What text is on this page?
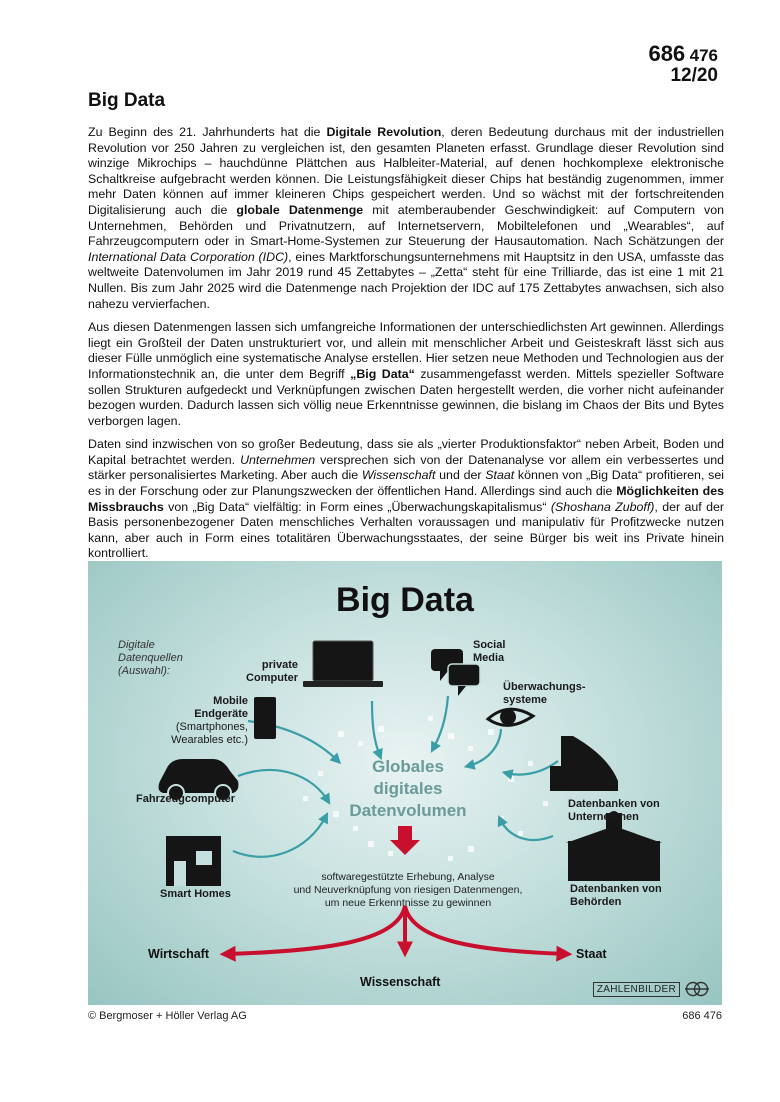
686 476
12/20
Big Data

Zu Beginn des 21. Jahrhunderts hat die Digitale Revolution, deren Bedeutung durchaus mit der industriellen Revolution vor 250 Jahren zu vergleichen ist, den gesamten Planeten erfasst. Grundlage dieser Revolution sind winzige Mikrochips – hauchdünne Plättchen aus Halbleiter-Material, auf denen hochkomplexe elektronische Schaltkreise aufgebracht werden können. Die Leistungsfähigkeit dieser Chips hat beständig zugenommen, immer mehr Daten können auf immer kleineren Chips gespeichert werden. Und so wächst mit der fortschreitenden Digitalisierung auch die globale Datenmenge mit atemberaubender Geschwindigkeit: auf Computern von Unternehmen, Behörden und Privatnutzern, auf Internetservern, Mobiltelefonen und „Wearables“, auf Fahrzeugcomputern oder in Smart-Home-Systemen zur Steuerung der Hausautomation. Nach Schätzungen der International Data Corporation (IDC), eines Marktforschungsunternehmens mit Hauptsitz in den USA, umfasste das weltweite Datenvolumen im Jahr 2019 rund 45 Zettabytes – „Zetta“ steht für eine Trilliarde, das ist eine 1 mit 21 Nullen. Bis zum Jahr 2025 wird die Datenmenge nach Projektion der IDC auf 175 Zettabytes anwachsen, sich also nahezu vervierfachen.

Aus diesen Datenmengen lassen sich umfangreiche Informationen der unterschiedlichsten Art gewinnen. Allerdings liegt ein Großteil der Daten unstrukturiert vor, und allein mit menschlicher Arbeit und Geisteskraft lässt sich aus dieser Fülle unmöglich eine systematische Analyse erstellen. Hier setzen neue Methoden und Technologien aus der Informationstechnik an, die unter dem Begriff „Big Data“ zusammengefasst werden. Mittels spezieller Software sollen Strukturen aufgedeckt und Verknüpfungen zwischen Daten hergestellt werden, die vorher nicht aufeinander bezogen wurden. Dadurch lassen sich völlig neue Erkenntnisse gewinnen, die bislang im Chaos der Bits und Bytes verborgen lagen.

Daten sind inzwischen von so großer Bedeutung, dass sie als „vierter Produktionsfaktor“ neben Arbeit, Boden und Kapital betrachtet werden. Unternehmen versprechen sich von der Datenanalyse vor allem ein verbessertes und stärker personalisiertes Marketing. Aber auch die Wissenschaft und der Staat können von „Big Data“ profitieren, sei es in der Forschung oder zur Planungszwecken der öffentlichen Hand. Allerdings sind auch die Möglichkeiten des Missbrauchs von „Big Data“ vielfältig: in Form eines „Überwachungskapitalismus“ (Shoshana Zuboff), der auf der Basis personenbezogener Daten menschliches Verhalten voraussagen und manipulativ für Profitzwecke nutzen kann, aber auch in Form eines totalitären Überwachungsstaates, der seine Bürger bis weit ins Private hinein kontrolliert.

Big Data
Digitale
Datenquellen
(Auswahl):	private
Computer
Social
Media
Überwachungs-
systeme
Mobile
Endgeräte
(Smartphones,
Wearables etc.)
Fahrzeugcomputer
Smart Homes
Datenbanken von
Unternehmen
Datenbanken von
Behörden
Globales
digitales
Datenvolumen
softwaregestützte Erhebung, Analyse
und Neuverknüpfung von riesigen Datenmengen,
um neue Erkenntnisse zu gewinnen
Wirtschaft
Wissenschaft
Staat
ZAHLENBILDER
© Bergmoser + Höller Verlag AG	686 476
